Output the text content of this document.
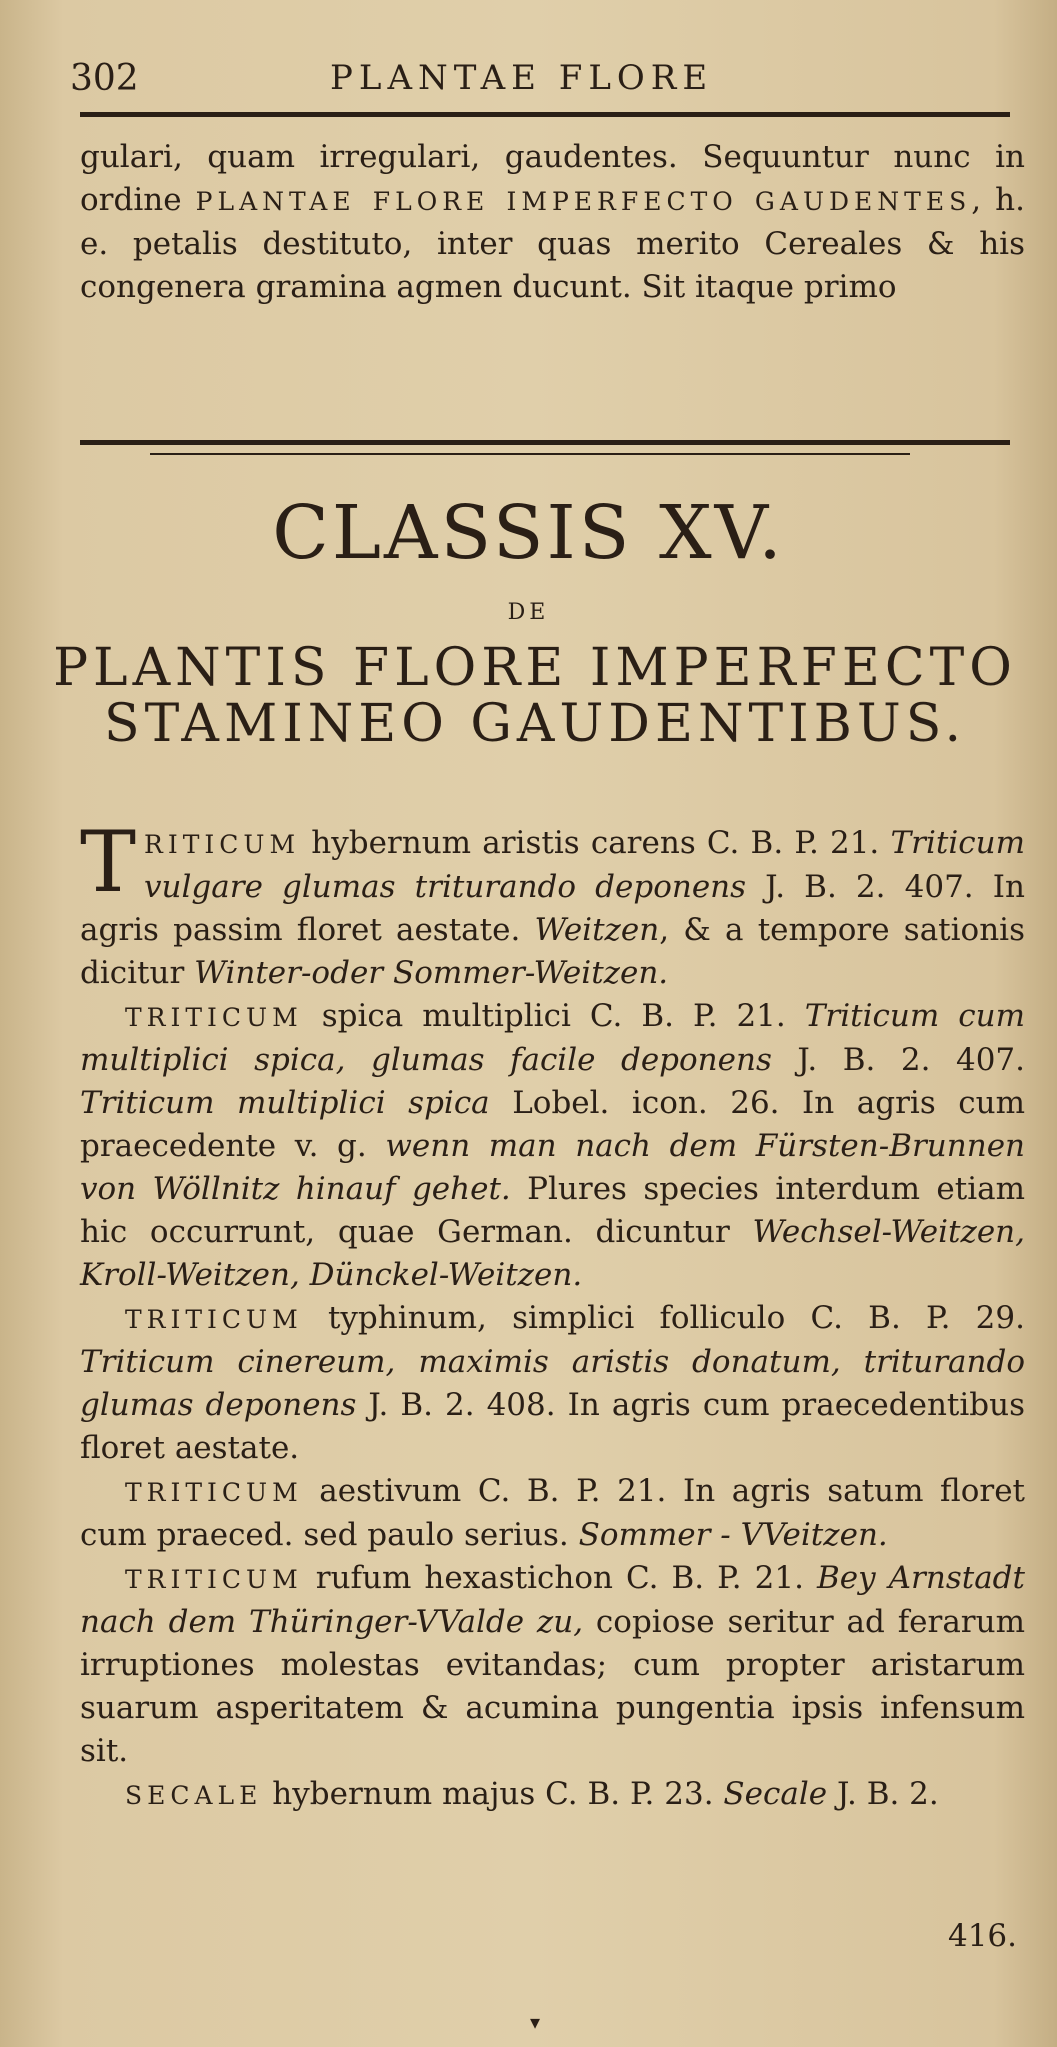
302	PLANTAE FLORE
gulari, quam irregulari, gaudentes. Sequuntur nunc in ordine PLANTAE FLORE IMPERFECTO GAUDENTES, h. e. petalis destituto, inter quas merito Cereales & his congenera gramina agmen ducunt. Sit itaque primo
CLASSIS XV.
DE
PLANTIS FLORE IMPERFECTO STAMINEO GAUDENTIBUS.

TRITICUM hybernum aristis carens C. B. P. 21. Triticum vulgare glumas triturando deponens J. B. 2. 407. In agris passim floret aestate. Weitzen, & a tempore sationis dicitur Winter-oder Sommer-Weitzen.

TRITICUM spica multiplici C. B. P. 21. Triticum cum multiplici spica, glumas facile deponens J. B. 2. 407. Triticum multiplici spica Lobel. icon. 26. In agris cum praecedente v. g. wenn man nach dem Fürsten-Brunnen von Wöllnitz hinauf gehet. Plures species interdum etiam hic occurrunt, quae German. dicuntur Wechsel-Weitzen, Kroll-Weitzen, Dünckel-Weitzen.

TRITICUM typhinum, simplici folliculo C. B. P. 29. Triticum cinereum, maximis aristis donatum, triturando glumas deponens J. B. 2. 408. In agris cum praecedentibus floret aestate.

TRITICUM aestivum C. B. P. 21. In agris satum floret cum praeced. sed paulo serius. Sommer - VVeitzen.

TRITICUM rufum hexastichon C. B. P. 21. Bey Arnstadt nach dem Thüringer-VValde zu, copiose seritur ad ferarum irruptiones molestas evitandas; cum propter aristarum suarum asperitatem & acumina pungentia ipsis infensum sit.

SECALE hybernum majus C. B. P. 23. Secale J. B. 2.

416.
▾
